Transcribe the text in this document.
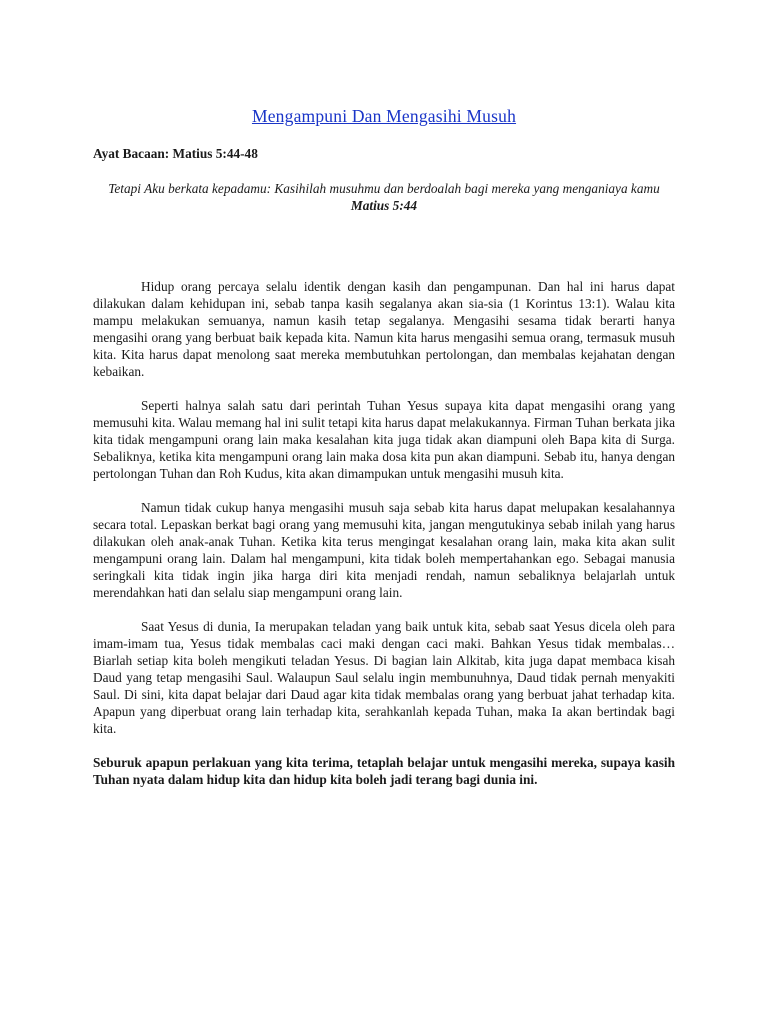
Mengampuni Dan Mengasihi Musuh
Ayat Bacaan: Matius 5:44-48
Tetapi Aku berkata kepadamu: Kasihilah musuhmu dan berdoalah bagi mereka yang menganiaya kamu
Matius 5:44

Hidup orang percaya selalu identik dengan kasih dan pengampunan. Dan hal ini harus dapat dilakukan dalam kehidupan ini, sebab tanpa kasih segalanya akan sia-sia (1 Korintus 13:1). Walau kita mampu melakukan semuanya, namun kasih tetap segalanya. Mengasihi sesama tidak berarti hanya mengasihi orang yang berbuat baik kepada kita. Namun kita harus mengasihi semua orang, termasuk musuh kita. Kita harus dapat menolong saat mereka membutuhkan pertolongan, dan membalas kejahatan dengan kebaikan.

Seperti halnya salah satu dari perintah Tuhan Yesus supaya kita dapat mengasihi orang yang memusuhi kita. Walau memang hal ini sulit tetapi kita harus dapat melakukannya. Firman Tuhan berkata jika kita tidak mengampuni orang lain maka kesalahan kita juga tidak akan diampuni oleh Bapa kita di Surga. Sebaliknya, ketika kita mengampuni orang lain maka dosa kita pun akan diampuni. Sebab itu, hanya dengan pertolongan Tuhan dan Roh Kudus, kita akan dimampukan untuk mengasihi musuh kita.

Namun tidak cukup hanya mengasihi musuh saja sebab kita harus dapat melupakan kesalahannya secara total. Lepaskan berkat bagi orang yang memusuhi kita, jangan mengutukinya sebab inilah yang harus dilakukan oleh anak-anak Tuhan. Ketika kita terus mengingat kesalahan orang lain, maka kita akan sulit mengampuni orang lain. Dalam hal mengampuni, kita tidak boleh mempertahankan ego. Sebagai manusia seringkali kita tidak ingin jika harga diri kita menjadi rendah, namun sebaliknya belajarlah untuk merendahkan hati dan selalu siap mengampuni orang lain.

Saat Yesus di dunia, Ia merupakan teladan yang baik untuk kita, sebab saat Yesus dicela oleh para imam-imam tua, Yesus tidak membalas caci maki dengan caci maki. Bahkan Yesus tidak membalas… Biarlah setiap kita boleh mengikuti teladan Yesus. Di bagian lain Alkitab, kita juga dapat membaca kisah Daud yang tetap mengasihi Saul. Walaupun Saul selalu ingin membunuhnya, Daud tidak pernah menyakiti Saul. Di sini, kita dapat belajar dari Daud agar kita tidak membalas orang yang berbuat jahat terhadap kita. Apapun yang diperbuat orang lain terhadap kita, serahkanlah kepada Tuhan, maka Ia akan bertindak bagi kita.

Seburuk apapun perlakuan yang kita terima, tetaplah belajar untuk mengasihi mereka, supaya kasih Tuhan nyata dalam hidup kita dan hidup kita boleh jadi terang bagi dunia ini.
